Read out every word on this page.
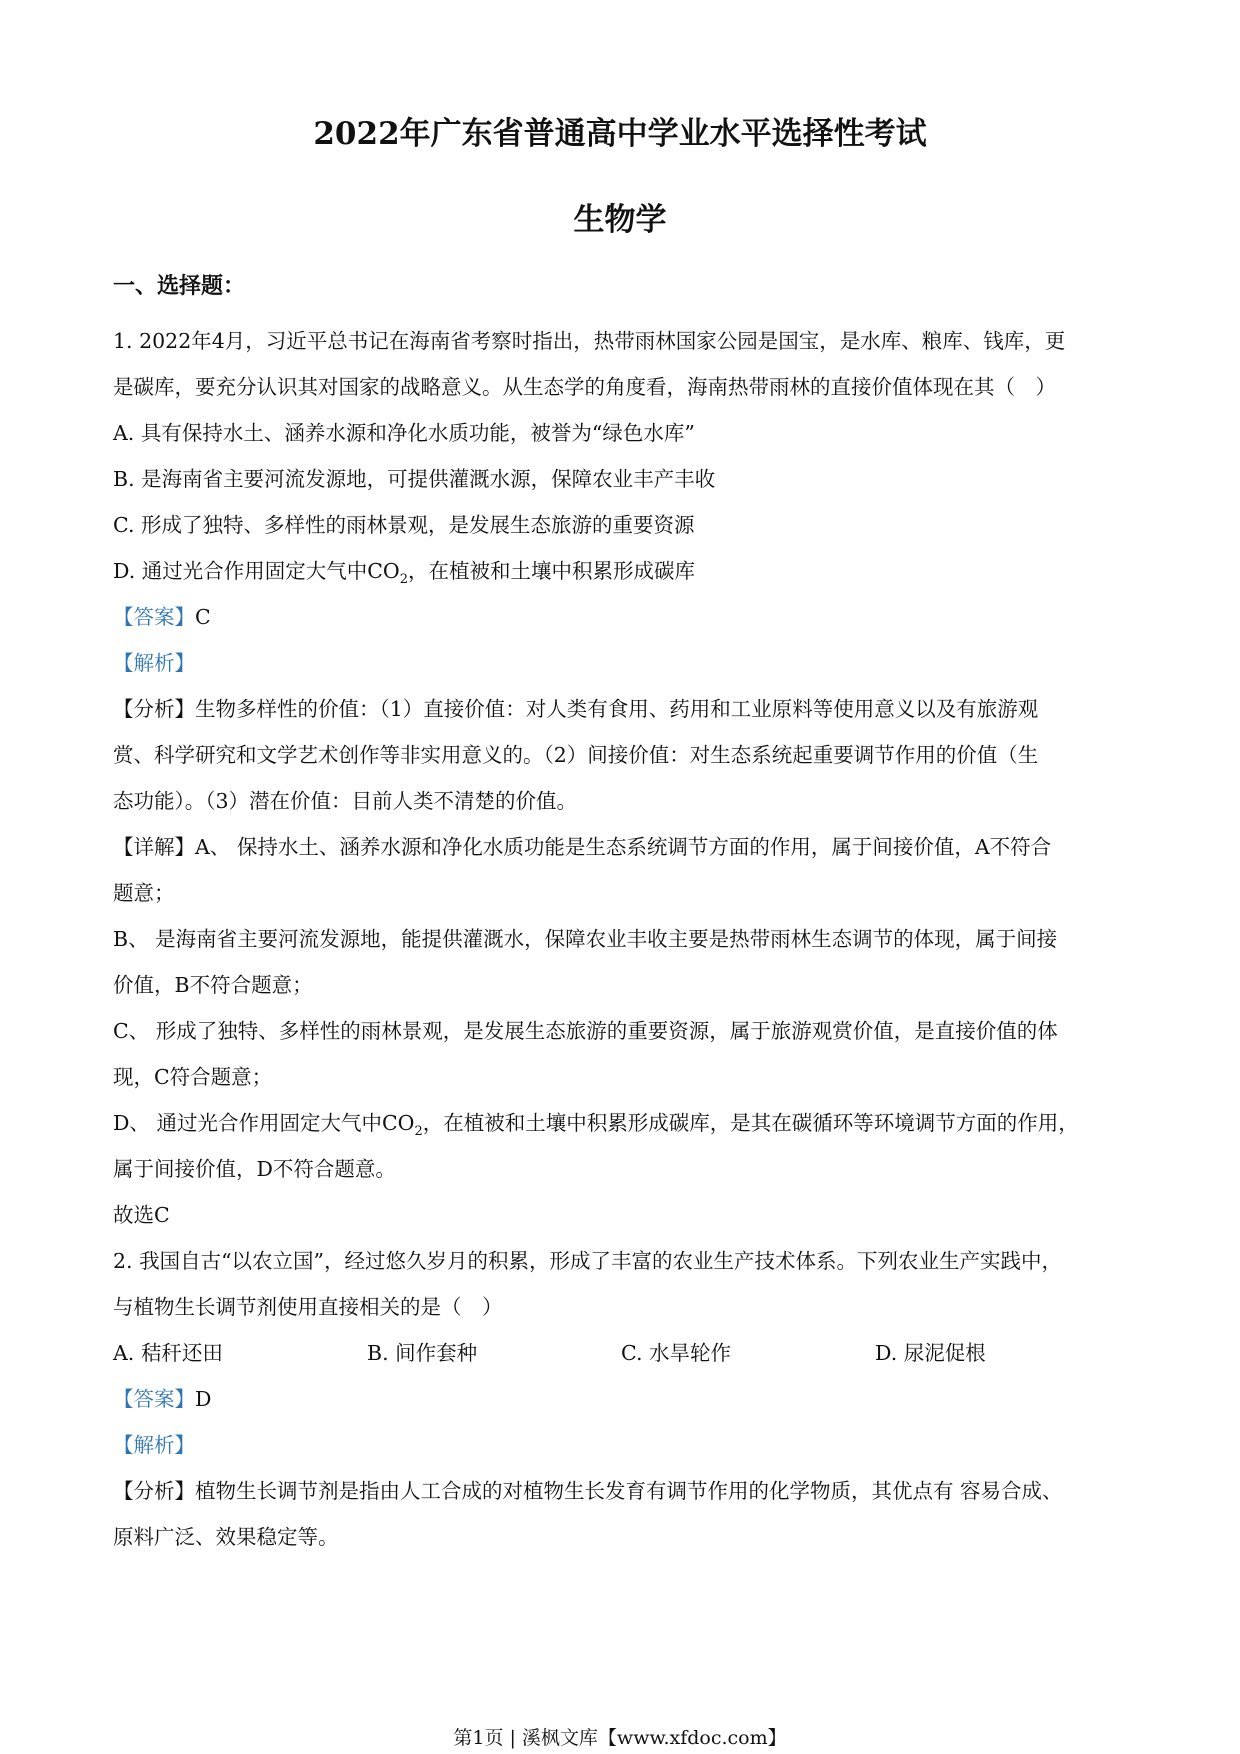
2022年广东省普通高中学业水平选择性考试
生物学
一、选择题：

1. 2022年4月，习近平总书记在海南省考察时指出，热带雨林国家公园是国宝，是水库、粮库、钱库，更

是碳库，要充分认识其对国家的战略意义。从生态学的角度看，海南热带雨林的直接价值体现在其（　）

A. 具有保持水土、涵养水源和净化水质功能，被誉为“绿色水库”

B. 是海南省主要河流发源地，可提供灌溉水源，保障农业丰产丰收

C. 形成了独特、多样性的雨林景观，是发展生态旅游的重要资源

D. 通过光合作用固定大气中$CO_2$，在植被和土壤中积累形成碳库

【答案】C

【解析】

【分析】生物多样性的价值：（1）直接价值：对人类有食用、药用和工业原料等使用意义以及有旅游观

赏、科学研究和文学艺术创作等非实用意义的。（2）间接价值：对生态系统起重要调节作用的价值（生

态功能）。（3）潜在价值：目前人类不清楚的价值。

【详解】A、 保持水土、涵养水源和净化水质功能是生态系统调节方面的作用，属于间接价值，A不符合

题意；

B、 是海南省主要河流发源地，能提供灌溉水，保障农业丰收主要是热带雨林生态调节的体现，属于间接

价值，B不符合题意；

C、 形成了独特、多样性的雨林景观，是发展生态旅游的重要资源，属于旅游观赏价值，是直接价值的体

现，C符合题意；

D、 通过光合作用固定大气中$CO_2$，在植被和土壤中积累形成碳库，是其在碳循环等环境调节方面的作用，

属于间接价值，D不符合题意。

故选C

2. 我国自古“以农立国”，经过悠久岁月的积累，形成了丰富的农业生产技术体系。下列农业生产实践中，

与植物生长调节剂使用直接相关的是（　）

A. 秸秆还田	B. 间作套种	C. 水旱轮作	D. 尿泥促根

【答案】D

【解析】

【分析】植物生长调节剂是指由人工合成的对植物生长发育有调节作用的化学物质，其优点有 容易合成、

原料广泛、效果稳定等。

第1页 | 溪枫文库【www.xfdoc.com】
